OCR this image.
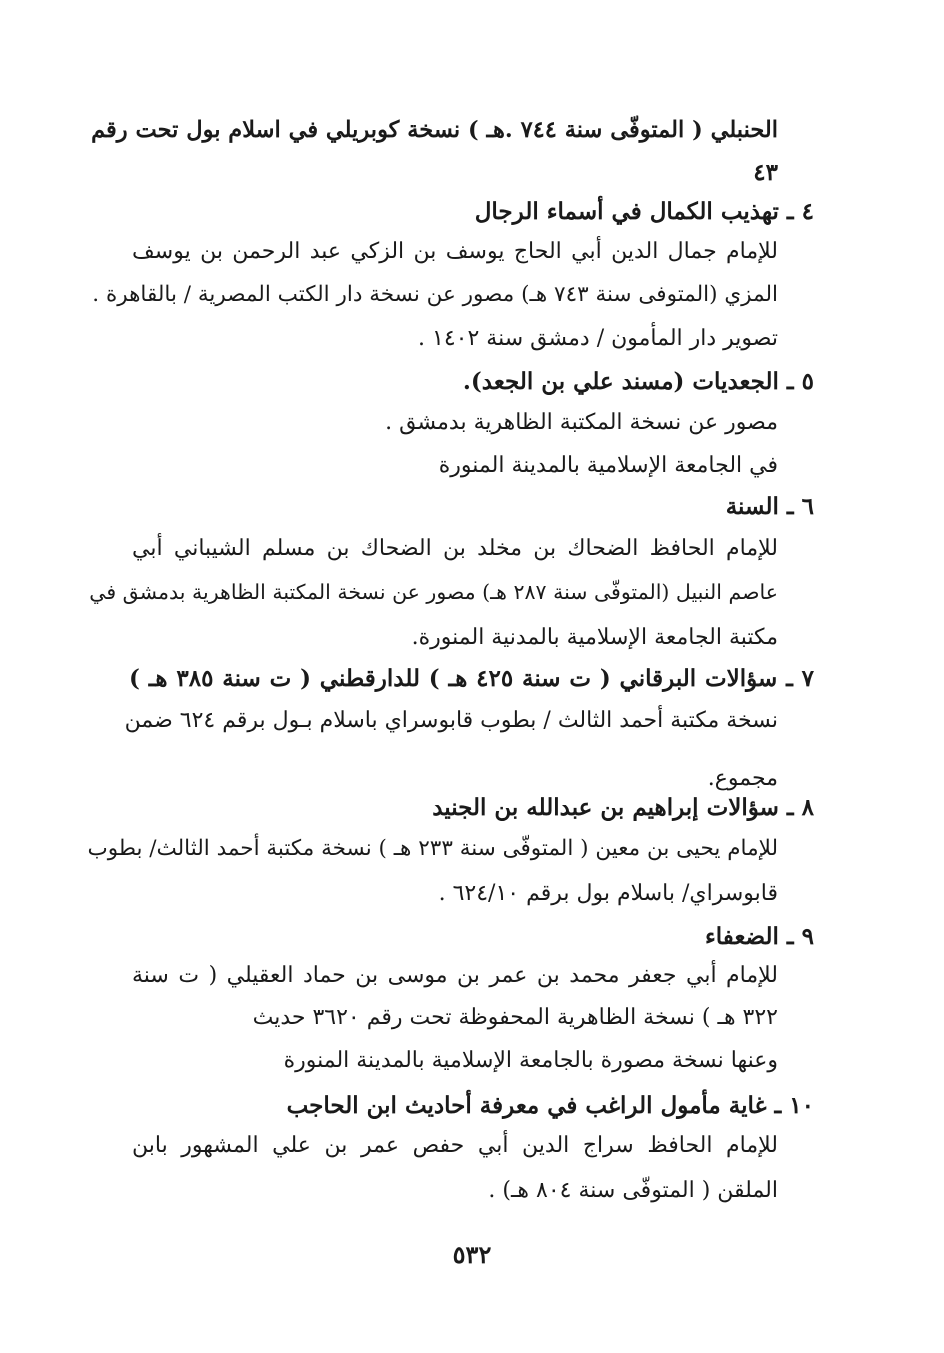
الحنبلي ( المتوفّى سنة ٧٤٤ .هـ ) نسخة كوبريلي في اسلام بول تحت رقم
٤٣
٤ ـ تهذيب الكمال في أسماء الرجال
للإمام جمال الدين أبي الحاج يوسف بن الزكي عبد الرحمن بن يوسف
المزي (المتوفى سنة ٧٤٣ هـ) مصور عن نسخة دار الكتب المصرية / بالقاهرة .
تصوير دار المأمون / دمشق سنة ١٤٠٢ .
٥ ـ الجعديات (مسند علي بن الجعد).
مصور عن نسخة المكتبة الظاهرية بدمشق .
في الجامعة الإسلامية بالمدينة المنورة
٦ ـ السنة
للإمام الحافظ الضحاك بن مخلد بن الضحاك بن مسلم الشيباني أبي
عاصم النبيل (المتوفّى سنة ٢٨٧ هـ) مصور عن نسخة المكتبة الظاهرية بدمشق في
مكتبة الجامعة الإسلامية بالمدنية المنورة.
٧ ـ سؤالات البرقاني ( ت سنة ٤٢٥ هـ ) للدارقطني ( ت سنة ٣٨٥ هـ )
نسخة مكتبة أحمد الثالث / بطوب قابوسراي باسلام بـول برقم ٦٢٤ ضمن
مجموع.
٨ ـ سؤالات إبراهيم بن عبدالله بن الجنيد
للإمام يحيى بن معين ( المتوفّى سنة ٢٣٣ هـ ) نسخة مكتبة أحمد الثالث/ بطوب
قابوسراي/ باسلام بول برقم ٦٢٤/١٠ .
٩ ـ الضعفاء
للإمام أبي جعفر محمد بن عمر بن موسى بن حماد العقيلي ( ت سنة
٣٢٢ هـ ) نسخة الظاهرية المحفوظة تحت رقم ٣٦٢٠ حديث
وعنها نسخة مصورة بالجامعة الإسلامية بالمدينة المنورة
١٠ ـ غاية مأمول الراغب في معرفة أحاديث ابن الحاجب
للإمام الحافظ سراج الدين أبي حفص عمر بن علي المشهور بابن
الملقن ( المتوفّى سنة ٨٠٤ هـ) .
٥٣٢
